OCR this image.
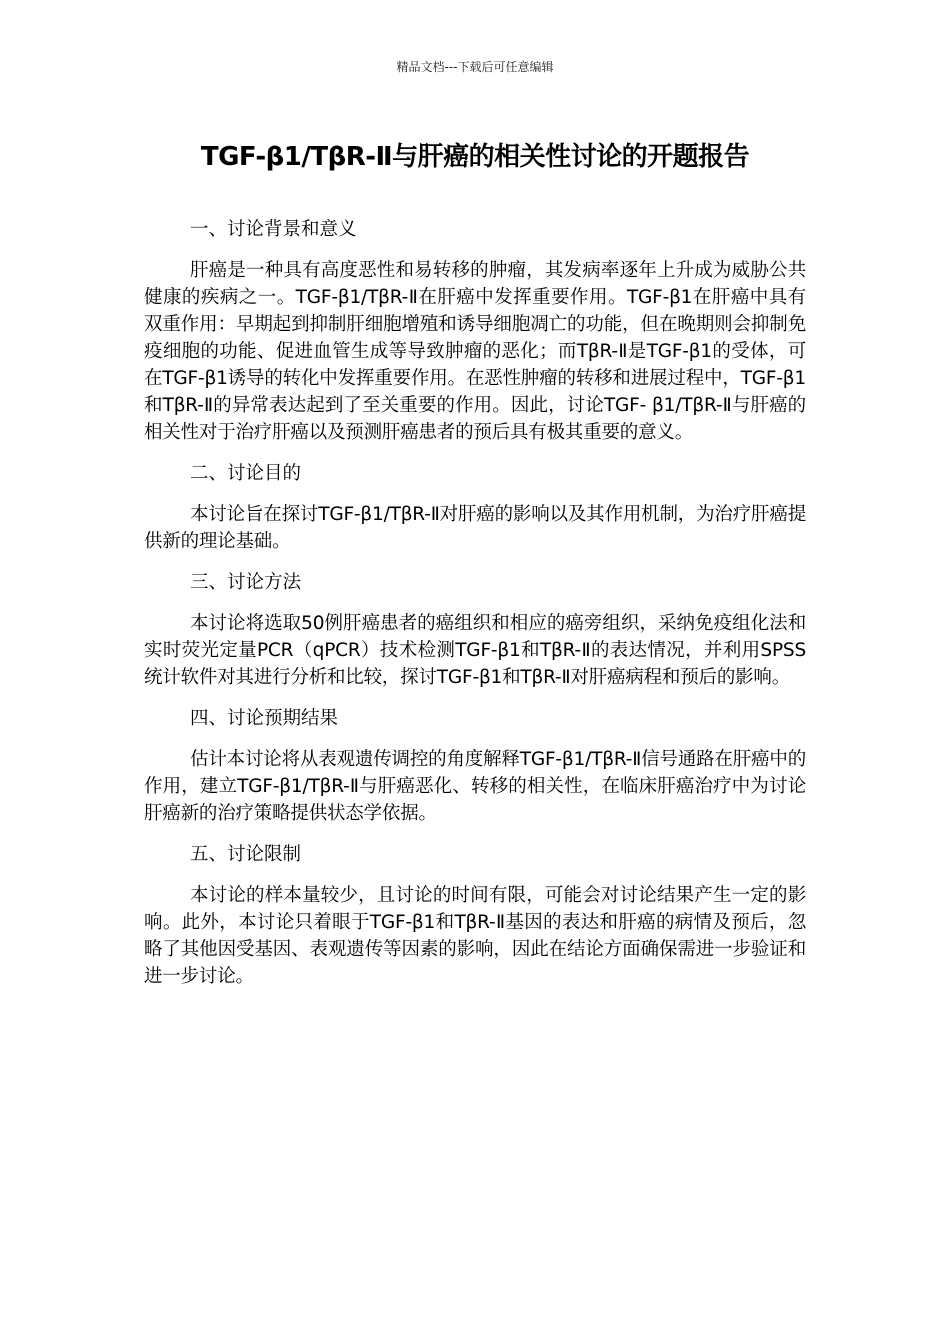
精品文档---下载后可任意编辑
TGF-β1/TβR-Ⅱ与肝癌的相关性讨论的开题报告

一、讨论背景和意义

肝癌是一种具有高度恶性和易转移的肿瘤，其发病率逐年上升成为威胁公共健康的疾病之一。TGF-β1/TβR-Ⅱ在肝癌中发挥重要作用。TGF-β1在肝癌中具有双重作用：早期起到抑制肝细胞增殖和诱导细胞凋亡的功能，但在晚期则会抑制免疫细胞的功能、促进血管生成等导致肿瘤的恶化；而TβR-Ⅱ是TGF-β1的受体，可在TGF-β1诱导的转化中发挥重要作用。在恶性肿瘤的转移和进展过程中，TGF-β1和TβR-Ⅱ的异常表达起到了至关重要的作用。因此，讨论TGF- β1/TβR-Ⅱ与肝癌的相关性对于治疗肝癌以及预测肝癌患者的预后具有极其重要的意义。

二、讨论目的

本讨论旨在探讨TGF-β1/TβR-Ⅱ对肝癌的影响以及其作用机制，为治疗肝癌提供新的理论基础。

三、讨论方法

本讨论将选取50例肝癌患者的癌组织和相应的癌旁组织，采纳免疫组化法和实时荧光定量PCR（qPCR）技术检测TGF-β1和TβR-Ⅱ的表达情况，并利用SPSS统计软件对其进行分析和比较，探讨TGF-β1和TβR-Ⅱ对肝癌病程和预后的影响。

四、讨论预期结果

估计本讨论将从表观遗传调控的角度解释TGF-β1/TβR-Ⅱ信号通路在肝癌中的作用，建立TGF-β1/TβR-Ⅱ与肝癌恶化、转移的相关性，在临床肝癌治疗中为讨论肝癌新的治疗策略提供状态学依据。

五、讨论限制

本讨论的样本量较少，且讨论的时间有限，可能会对讨论结果产生一定的影响。此外，本讨论只着眼于TGF-β1和TβR-Ⅱ基因的表达和肝癌的病情及预后，忽略了其他因受基因、表观遗传等因素的影响，因此在结论方面确保需进一步验证和进一步讨论。
